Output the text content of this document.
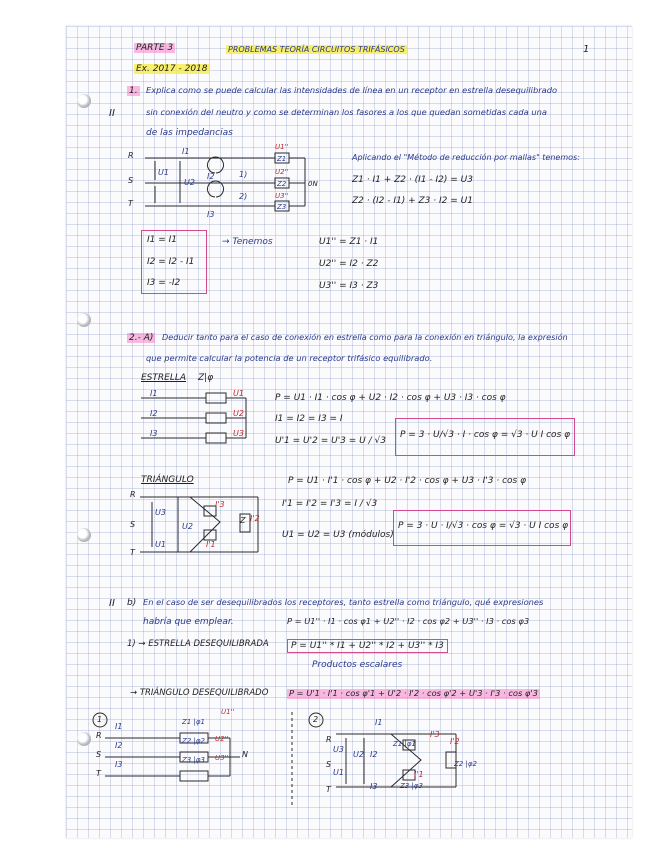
PARTE 3	PROBLEMAS TEORÍA CIRCUITOS TRIFÁSICOS
Ex. 2017 - 2018
1
II
1. Explica como se puede calcular las intensidades de línea en un receptor en estrella desequilibrado
sin conexión del neutro y como se determinan los fasores a los que quedan sometidas cada una
de las impedancias
R
S
T
I1
I2
I3
U1
U2
1)
2)
Z1
Z2
Z3
U1''
U2''
U3''
0N
Aplicando el "Método de reducción por mallas" tenemos:
Z1 · I1 + Z2 · (I1 - I2) = U3
Z2 · (I2 - I1) + Z3 · I2 = U1
I1 = I1
I2 = I2 - I1
I3 = -I2
→ Tenemos	U1'' = Z1 · I1
U2'' = I2 · Z2
U3'' = I3 · Z3
2.- A) Deducir tanto para el caso de conexión en estrella como para la conexión en triángulo, la expresión
que permite calcular la potencia de un receptor trifásico equilibrado.
ESTRELLA Z|φ
I1
I2
I3
U1
U2
U3
P = U1 · I1 · cos φ + U2 · I2 · cos φ + U3 · I3 · cos φ
I1 = I2 = I3 = I
U'1 = U'2 = U'3 = U / √3
P = 3 · U/√3 · I · cos φ = √3 · U I cos φ
TRIÁNGULO
R
S
T
U3
U2
U1
I'3
I'2
I'1
Z
P = U1 · I'1 · cos φ + U2 · I'2 · cos φ + U3 · I'3 · cos φ
I'1 = I'2 = I'3 = I / √3
U1 = U2 = U3 (módulos)
P = 3 · U · I/√3 · cos φ = √3 · U I cos φ
II b) En el caso de ser desequilibrados los receptores, tanto estrella como triángulo, qué expresiones
habría que emplear.
1) → ESTRELLA DESEQUILIBRADA
P = U1'' · I1 · cos φ1 + U2'' · I2 · cos φ2 + U3'' · I3 · cos φ3
P = U1'' * I1 + U2'' * I2 + U3'' * I3
Productos escalares
→ TRIÁNGULO DESEQUILIBRADO P = U'1 · I'1 · cos φ'1 + U'2 · I'2 · cos φ'2 + U'3 · I'3 · cos φ'3
1
R
S
T
I1
I2
I3
Z1 |φ1
Z2 |φ2
Z3 |φ3
U1''
U2''
U3'' N
2
R
S
T
I1
I2
I3
U3
U2
U1
Z1 |φ1
Z2 |φ2
Z3 |φ3
I'2
I'3
I'1
